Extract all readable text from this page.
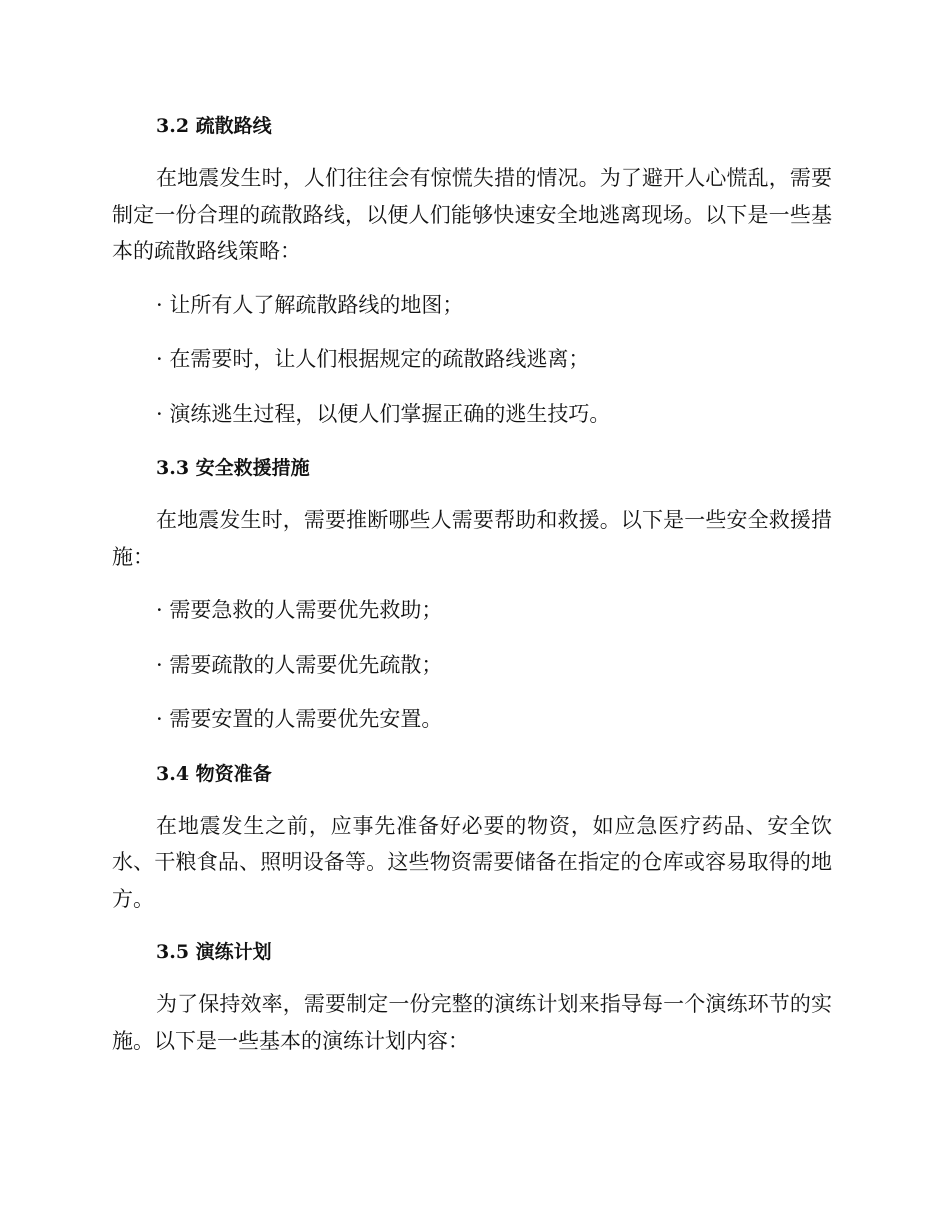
3.2 疏散路线

在地震发生时，人们往往会有惊慌失措的情况。为了避开人心慌乱，需要制定一份合理的疏散路线，以便人们能够快速安全地逃离现场。以下是一些基本的疏散路线策略：

· 让所有人了解疏散路线的地图；

· 在需要时，让人们根据规定的疏散路线逃离；

· 演练逃生过程，以便人们掌握正确的逃生技巧。

3.3 安全救援措施

在地震发生时，需要推断哪些人需要帮助和救援。以下是一些安全救援措施：

· 需要急救的人需要优先救助；

· 需要疏散的人需要优先疏散；

· 需要安置的人需要优先安置。

3.4 物资准备

在地震发生之前，应事先准备好必要的物资，如应急医疗药品、安全饮水、干粮食品、照明设备等。这些物资需要储备在指定的仓库或容易取得的地方。

3.5 演练计划

为了保持效率，需要制定一份完整的演练计划来指导每一个演练环节的实施。以下是一些基本的演练计划内容：
